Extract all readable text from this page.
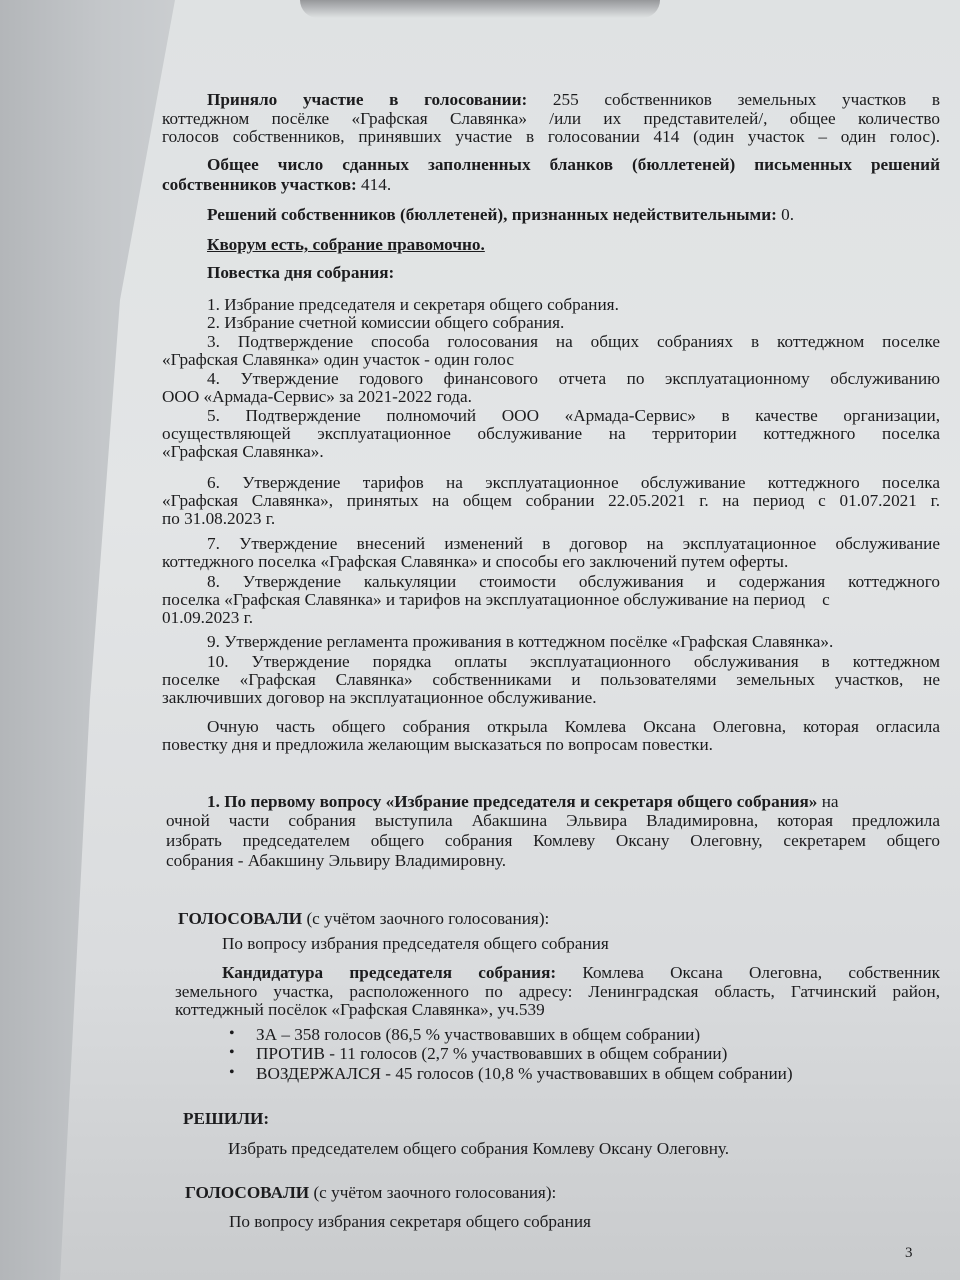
Приняло участие в голосовании: 255 собственников земельных участков в
коттеджном посёлке «Графская Славянка» /или их представителей/, общее количество
голосов собственников, принявших участие в голосовании 414 (один участок – один голос).
Общее число сданных заполненных бланков (бюллетеней) письменных решений
собственников участков: 414.
Решений собственников (бюллетеней), признанных недействительными: 0.
Кворум есть, собрание правомочно.
Повестка дня собрания:
1. Избрание председателя и секретаря общего собрания.
2. Избрание счетной комиссии общего собрания.
3. Подтверждение способа голосования на общих собраниях в коттеджном поселке
«Графская Славянка» один участок - один голос
4. Утверждение годового финансового отчета по эксплуатационному обслуживанию
ООО «Армада-Сервис» за 2021-2022 года.
5. Подтверждение полномочий ООО «Армада-Сервис» в качестве организации,
осуществляющей эксплуатационное обслуживание на территории коттеджного поселка
«Графская Славянка».
6. Утверждение тарифов на эксплуатационное обслуживание коттеджного поселка
«Графская Славянка», принятых на общем собрании 22.05.2021 г. на период с 01.07.2021 г.
по 31.08.2023 г.
7. Утверждение внесений изменений в договор на эксплуатационное обслуживание
коттеджного поселка «Графская Славянка» и способы его заключений путем оферты.
8. Утверждение калькуляции стоимости обслуживания и содержания коттеджного
поселка «Графская Славянка» и тарифов на эксплуатационное обслуживание на период    с
01.09.2023 г.
9. Утверждение регламента проживания в коттеджном посёлке «Графская Славянка».
10. Утверждение порядка оплаты эксплуатационного обслуживания в коттеджном
поселке «Графская Славянка» собственниками и пользователями земельных участков, не
заключивших договор на эксплуатационное обслуживание.
Очную часть общего собрания открыла Комлева Оксана Олеговна, которая огласила
повестку дня и предложила желающим высказаться по вопросам повестки.
1. По первому вопросу «Избрание председателя и секретаря общего собрания» на
очной части собрания выступила Абакшина Эльвира Владимировна, которая предложила
избрать председателем общего собрания Комлеву Оксану Олеговну, секретарем общего
собрания - Абакшину Эльвиру Владимировну.
ГОЛОСОВАЛИ (с учётом заочного голосования):
По вопросу избрания председателя общего собрания
Кандидатура председателя собрания: Комлева Оксана Олеговна, собственник
земельного участка, расположенного по адресу: Ленинградская область, Гатчинский район,
коттеджный посёлок «Графская Славянка», уч.539
• ЗА – 358 голосов (86,5 % участвовавших в общем собрании)
• ПРОТИВ - 11 голосов (2,7 % участвовавших в общем собрании)
• ВОЗДЕРЖАЛСЯ - 45 голосов (10,8 % участвовавших в общем собрании)
РЕШИЛИ:
Избрать председателем общего собрания Комлеву Оксану Олеговну.
ГОЛОСОВАЛИ (с учётом заочного голосования):
По вопросу избрания секретаря общего собрания
3
